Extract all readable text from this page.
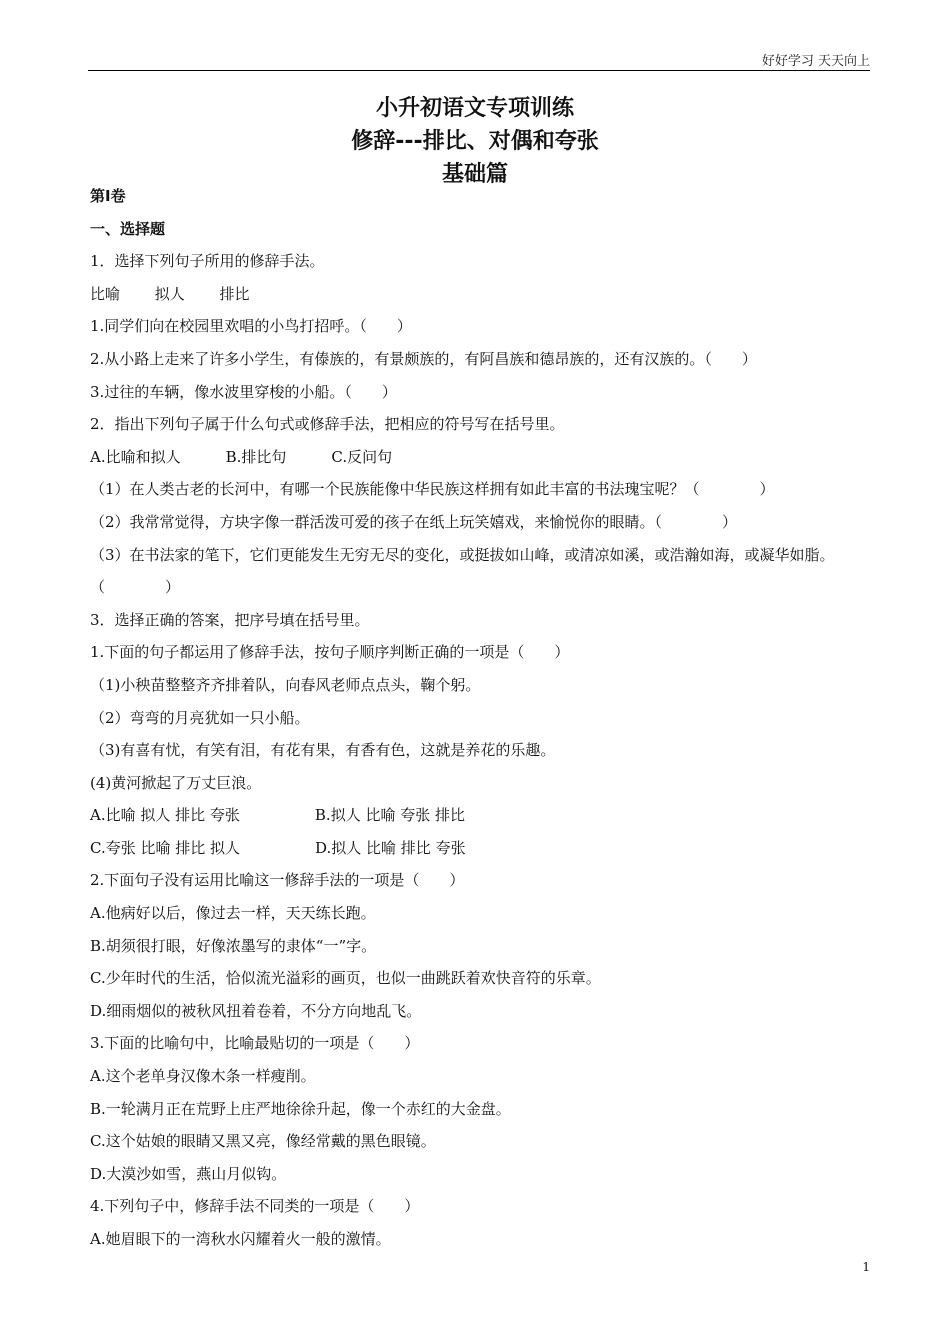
好好学习 天天向上
小升初语文专项训练
修辞---排比、对偶和夸张
基础篇
第Ⅰ卷
一、选择题
1．选择下列句子所用的修辞手法。
比喻　　 拟人　　 排比
1.同学们向在校园里欢唱的小鸟打招呼。（　　）
2.从小路上走来了许多小学生，有傣族的，有景颇族的，有阿昌族和德昂族的，还有汉族的。（　　）
3.过往的车辆，像水波里穿梭的小船。（　　）
2．指出下列句子属于什么句式或修辞手法，把相应的符号写在括号里。
A.比喻和拟人　　　B.排比句　　　C.反问句
（1）在人类古老的长河中，有哪一个民族能像中华民族这样拥有如此丰富的书法瑰宝呢？（　　　　）
（2）我常常觉得，方块字像一群活泼可爱的孩子在纸上玩笑嬉戏，来愉悦你的眼睛。（　　　　）
（3）在书法家的笔下，它们更能发生无穷无尽的变化，或挺拔如山峰，或清凉如溪，或浩瀚如海，或凝华如脂。（　　　　）
3．选择正确的答案，把序号填在括号里。
1.下面的句子都运用了修辞手法，按句子顺序判断正确的一项是（　　）
（1)小秧苗整整齐齐排着队，向春风老师点点头，鞠个躬。
（2）弯弯的月亮犹如一只小船。
（3)有喜有忧，有笑有泪，有花有果，有香有色，这就是养花的乐趣。
(4)黄河掀起了万丈巨浪。
A.比喻 拟人 排比 夸张　　　　　B.拟人 比喻 夸张 排比
C.夸张 比喻 排比 拟人　　　　　D.拟人 比喻 排比 夸张
2.下面句子没有运用比喻这一修辞手法的一项是（　　）
A.他病好以后，像过去一样，天天练长跑。
B.胡须很打眼，好像浓墨写的隶体“一”字。
C.少年时代的生活，恰似流光溢彩的画页，也似一曲跳跃着欢快音符的乐章。
D.细雨烟似的被秋风扭着卷着，不分方向地乱飞。
3.下面的比喻句中，比喻最贴切的一项是（　　）
A.这个老单身汉像木条一样瘦削。
B.一轮满月正在荒野上庄严地徐徐升起，像一个赤红的大金盘。
C.这个姑娘的眼睛又黑又亮，像经常戴的黑色眼镜。
D.大漠沙如雪，燕山月似钩。
4.下列句子中，修辞手法不同类的一项是（　　）
A.她眉眼下的一湾秋水闪耀着火一般的激情。
1
